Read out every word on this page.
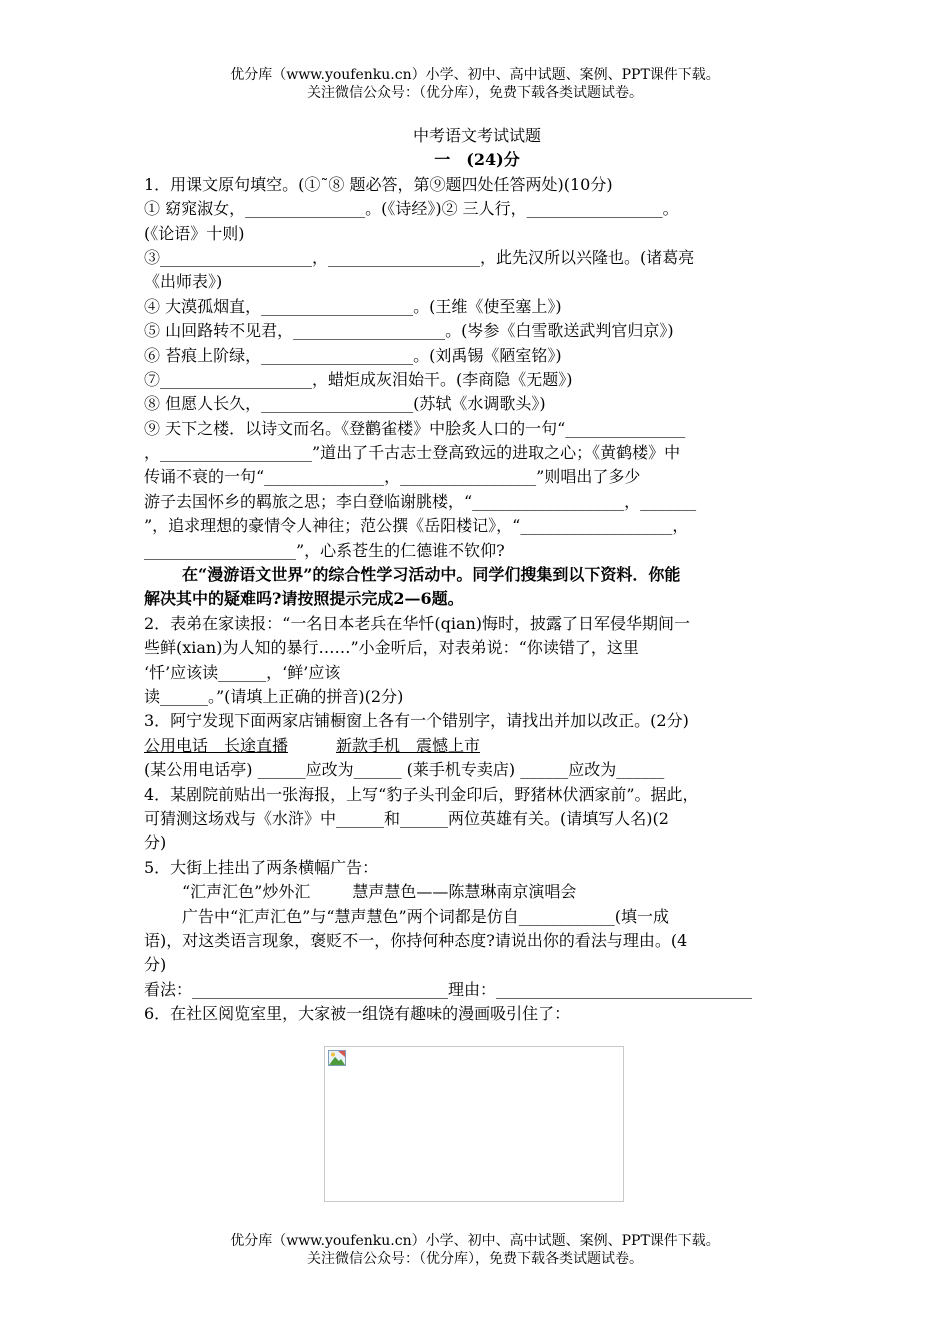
优分库（www.youfenku.cn）小学、初中、高中试题、案例、PPT课件下载。
关注微信公众号：（优分库），免费下载各类试题试卷。
中考语文考试试题
一　(24)分
1．用课文原句填空。(①˜⑧ 题必答，第⑨题四处任答两处)(10分)
① 窈窕淑女，_______________。(《诗经》)② 三人行，_________________。
(《论语》十则)
③___________________，___________________，此先汉所以兴隆也。(诸葛亮
《出师表》)
④ 大漠孤烟直，___________________。(王维《使至塞上》)
⑤ 山回路转不见君，___________________。(岑参《白雪歌送武判官归京》)
⑥ 苔痕上阶绿，___________________。(刘禹锡《陋室铭》)
⑦___________________，蜡炬成灰泪始干。(李商隐《无题》)
⑧ 但愿人长久，___________________(苏轼《水调歌头》)
⑨ 天下之楼．以诗文而名。《登鹳雀楼》中脍炙人口的一句“_______________
，___________________”道出了千古志士登高致远的进取之心；《黄鹤楼》中
传诵不衰的一句“_______________，_________________”则唱出了多少
游子去国怀乡的羁旅之思；李白登临谢朓楼，“___________________，_______
”，追求理想的豪情令人神往；范公撰《岳阳楼记》，“___________________，
___________________”，心系苍生的仁德谁不钦仰?
在“漫游语文世界”的综合性学习活动中。同学们搜集到以下资料．你能
解决其中的疑难吗?请按照提示完成2—6题。
2．表弟在家读报：“一名日本老兵在华忏(qian)悔时，披露了日军侵华期间一
些鲜(xian)为人知的暴行……”小金听后，对表弟说：“你读错了，这里
‘忏’应该读______，‘鲜’应该
读______。”(请填上正确的拼音)(2分)
3．阿宁发现下面两家店铺橱窗上各有一个错别字，请找出并加以改正。(2分)
公用电话　长途直播	新款手机　震憾上市
(某公用电话亭) ______应改为______ (莱手机专卖店) ______应改为______
4．某剧院前贴出一张海报，上写“豹子头刊金印后，野猪林伏洒家前”。据此，
可猜测这场戏与《水浒》中______和______两位英雄有关。(请填写人名)(2
分)
5．大街上挂出了两条横幅广告：
“汇声汇色”炒外汇	慧声慧色——陈慧琳南京演唱会
广告中“汇声汇色”与“慧声慧色”两个词都是仿自____________(填一成
语)，对这类语言现象，褒贬不一，你持何种态度?请说出你的看法与理由。(4
分)
看法：________________________________理由：________________________________
6．在社区阅览室里，大家被一组饶有趣味的漫画吸引住了：
优分库（www.youfenku.cn）小学、初中、高中试题、案例、PPT课件下载。
关注微信公众号：（优分库），免费下载各类试题试卷。
